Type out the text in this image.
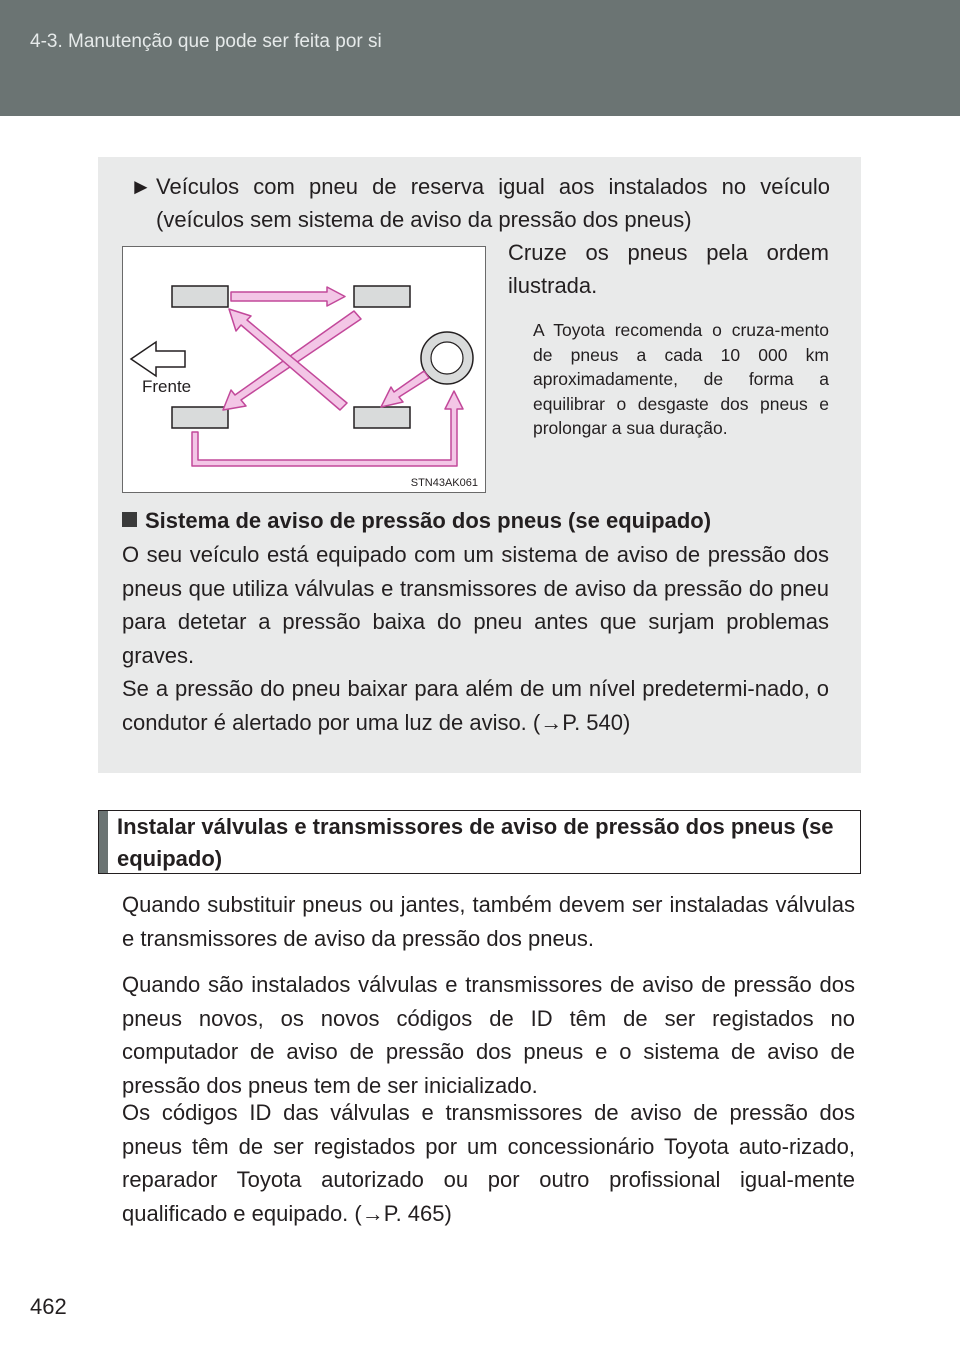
4-3. Manutenção que pode ser feita por si
► Veículos com pneu de reserva igual aos instalados no veículo (veículos sem sistema de aviso da pressão dos pneus)
Frente
STN43AK061
Cruze os pneus pela ordem ilustrada.
A Toyota recomenda o cruza-mento de pneus a cada 10 000 km aproximadamente, de forma a equilibrar o desgaste dos pneus e prolongar a sua duração.
Sistema de aviso de pressão dos pneus (se equipado)
O seu veículo está equipado com um sistema de aviso de pressão dos pneus que utiliza válvulas e transmissores de aviso da pressão do pneu para detetar a pressão baixa do pneu antes que surjam problemas graves.
Se a pressão do pneu baixar para além de um nível predetermi-nado, o condutor é alertado por uma luz de aviso. (→P. 540)
Instalar válvulas e transmissores de aviso de pressão dos pneus (se equipado)
Quando substituir pneus ou jantes, também devem ser instaladas válvulas e transmissores de aviso da pressão dos pneus.
Quando são instalados válvulas e transmissores de aviso de pressão dos pneus novos, os novos códigos de ID têm de ser registados no computador de aviso de pressão dos pneus e o sistema de aviso de pressão dos pneus tem de ser inicializado.
Os códigos ID das válvulas e transmissores de aviso de pressão dos pneus têm de ser registados por um concessionário Toyota auto-rizado, reparador Toyota autorizado ou por outro profissional igual-mente qualificado e equipado. (→P. 465)
462
